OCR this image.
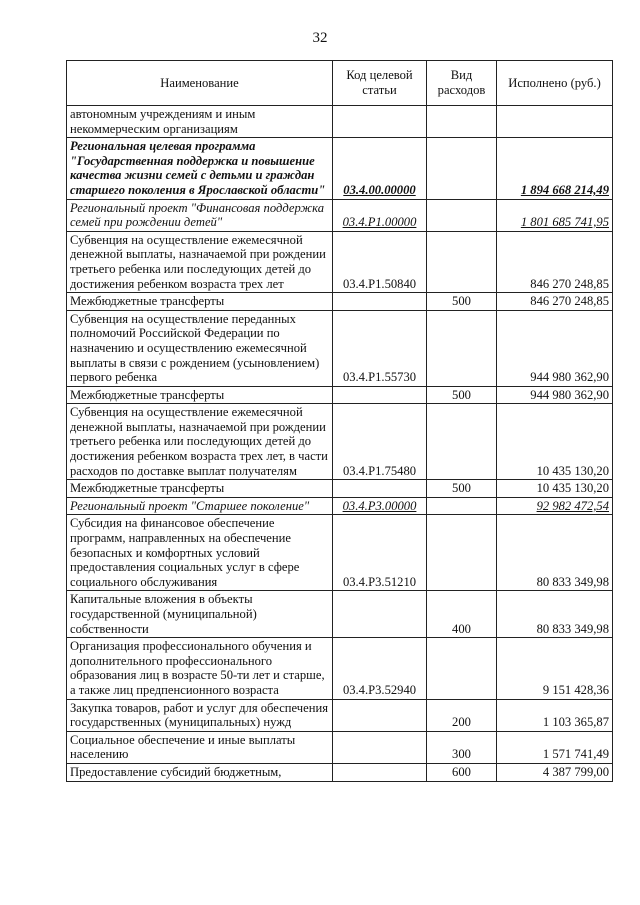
32
Наименование	Код целевой статьи	Вид расходов	Исполнено (руб.)
автономным учреждениям и иным некоммерческим организациям			
Региональная целевая программа "Государственная поддержка и повышение качества жизни семей с детьми и граждан старшего поколения в Ярославской области"	03.4.00.00000		1 894 668 214,49
Региональный проект "Финансовая поддержка семей при рождении детей"	03.4.P1.00000		1 801 685 741,95
Субвенция на осуществление ежемесячной денежной выплаты, назначаемой при рождении третьего ребенка или последующих детей до достижения ребенком возраста трех лет	03.4.P1.50840		846 270 248,85
Межбюджетные трансферты		500	846 270 248,85
Субвенция на осуществление переданных полномочий Российской Федерации по назначению и осуществлению ежемесячной выплаты в связи с рождением (усыновлением) первого ребенка	03.4.P1.55730		944 980 362,90
Межбюджетные трансферты		500	944 980 362,90
Субвенция на осуществление ежемесячной денежной выплаты, назначаемой при рождении третьего ребенка или последующих детей до достижения ребенком возраста трех лет, в части расходов по доставке выплат получателям	03.4.P1.75480		10 435 130,20
Межбюджетные трансферты		500	10 435 130,20
Региональный проект "Старшее поколение"	03.4.P3.00000		92 982 472,54
Субсидия на финансовое обеспечение программ, направленных на обеспечение безопасных и комфортных условий предоставления социальных услуг в сфере социального обслуживания	03.4.P3.51210		80 833 349,98
Капитальные вложения в объекты государственной (муниципальной) собственности		400	80 833 349,98
Организация профессионального обучения и дополнительного профессионального образования лиц в возрасте 50-ти лет и старше, а также лиц предпенсионного возраста	03.4.P3.52940		9 151 428,36
Закупка товаров, работ и услуг для обеспечения государственных (муниципальных) нужд		200	1 103 365,87
Социальное обеспечение и иные выплаты населению		300	1 571 741,49
Предоставление субсидий бюджетным,		600	4 387 799,00
